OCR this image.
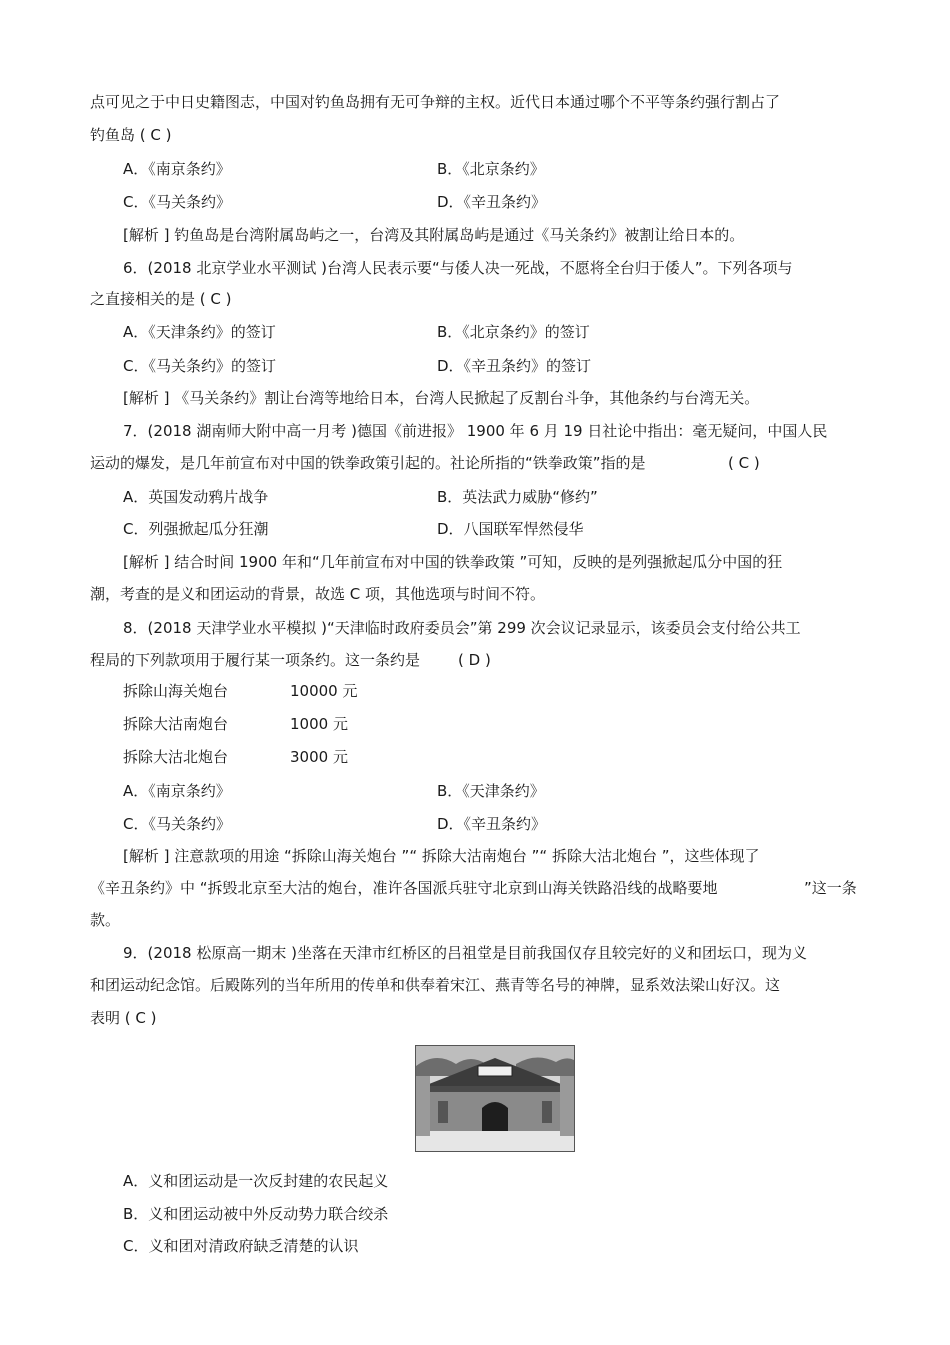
点可见之于中日史籍图志，中国对钓鱼岛拥有无可争辩的主权。近代日本通过哪个不平等条约强行割占了
钓鱼岛 ( C )
A．《南京条约》	B．《北京条约》
C．《马关条约》	D．《辛丑条约》
[解析 ] 钓鱼岛是台湾附属岛屿之一，台湾及其附属岛屿是通过《马关条约》被割让给日本的。
6．(2018 北京学业水平测试 )台湾人民表示要“与倭人决一死战，不愿将全台归于倭人”。下列各项与
之直接相关的是 ( C )
A．《天津条约》的签订	B．《北京条约》的签订
C．《马关条约》的签订	D．《辛丑条约》的签订
[解析 ] 《马关条约》割让台湾等地给日本，台湾人民掀起了反割台斗争，其他条约与台湾无关。
7．(2018 湖南师大附中高一月考 )德国《前进报》 1900 年 6 月 19 日社论中指出：毫无疑问，中国人民
运动的爆发，是几年前宣布对中国的铁拳政策引起的。社论所指的“铁拳政策”指的是	( C )
A．英国发动鸦片战争	B．英法武力威胁“修约”
C．列强掀起瓜分狂潮	D．八国联军悍然侵华
[解析 ] 结合时间 1900 年和“几年前宣布对中国的铁拳政策 ”可知，反映的是列强掀起瓜分中国的狂
潮，考查的是义和团运动的背景，故选 C 项，其他选项与时间不符。
8．(2018 天津学业水平模拟 )“天津临时政府委员会”第 299 次会议记录显示，该委员会支付给公共工
程局的下列款项用于履行某一项条约。这一条约是	( D )
拆除山海关炮台	10000 元
拆除大沽南炮台	1000 元
拆除大沽北炮台	3000 元
A．《南京条约》	B．《天津条约》
C．《马关条约》	D．《辛丑条约》
[解析 ] 注意款项的用途 “拆除山海关炮台 ”“ 拆除大沽南炮台 ”“ 拆除大沽北炮台 ”，这些体现了
《辛丑条约》中 “拆毁北京至大沽的炮台，准许各国派兵驻守北京到山海关铁路沿线的战略要地	”这一条
款。
9．(2018 松原高一期末 )坐落在天津市红桥区的吕祖堂是目前我国仅存且较完好的义和团坛口，现为义
和团运动纪念馆。后殿陈列的当年所用的传单和供奉着宋江、燕青等名号的神牌，显系效法梁山好汉。这
表明 ( C )
A．义和团运动是一次反封建的农民起义
B．义和团运动被中外反动势力联合绞杀
C．义和团对清政府缺乏清楚的认识
